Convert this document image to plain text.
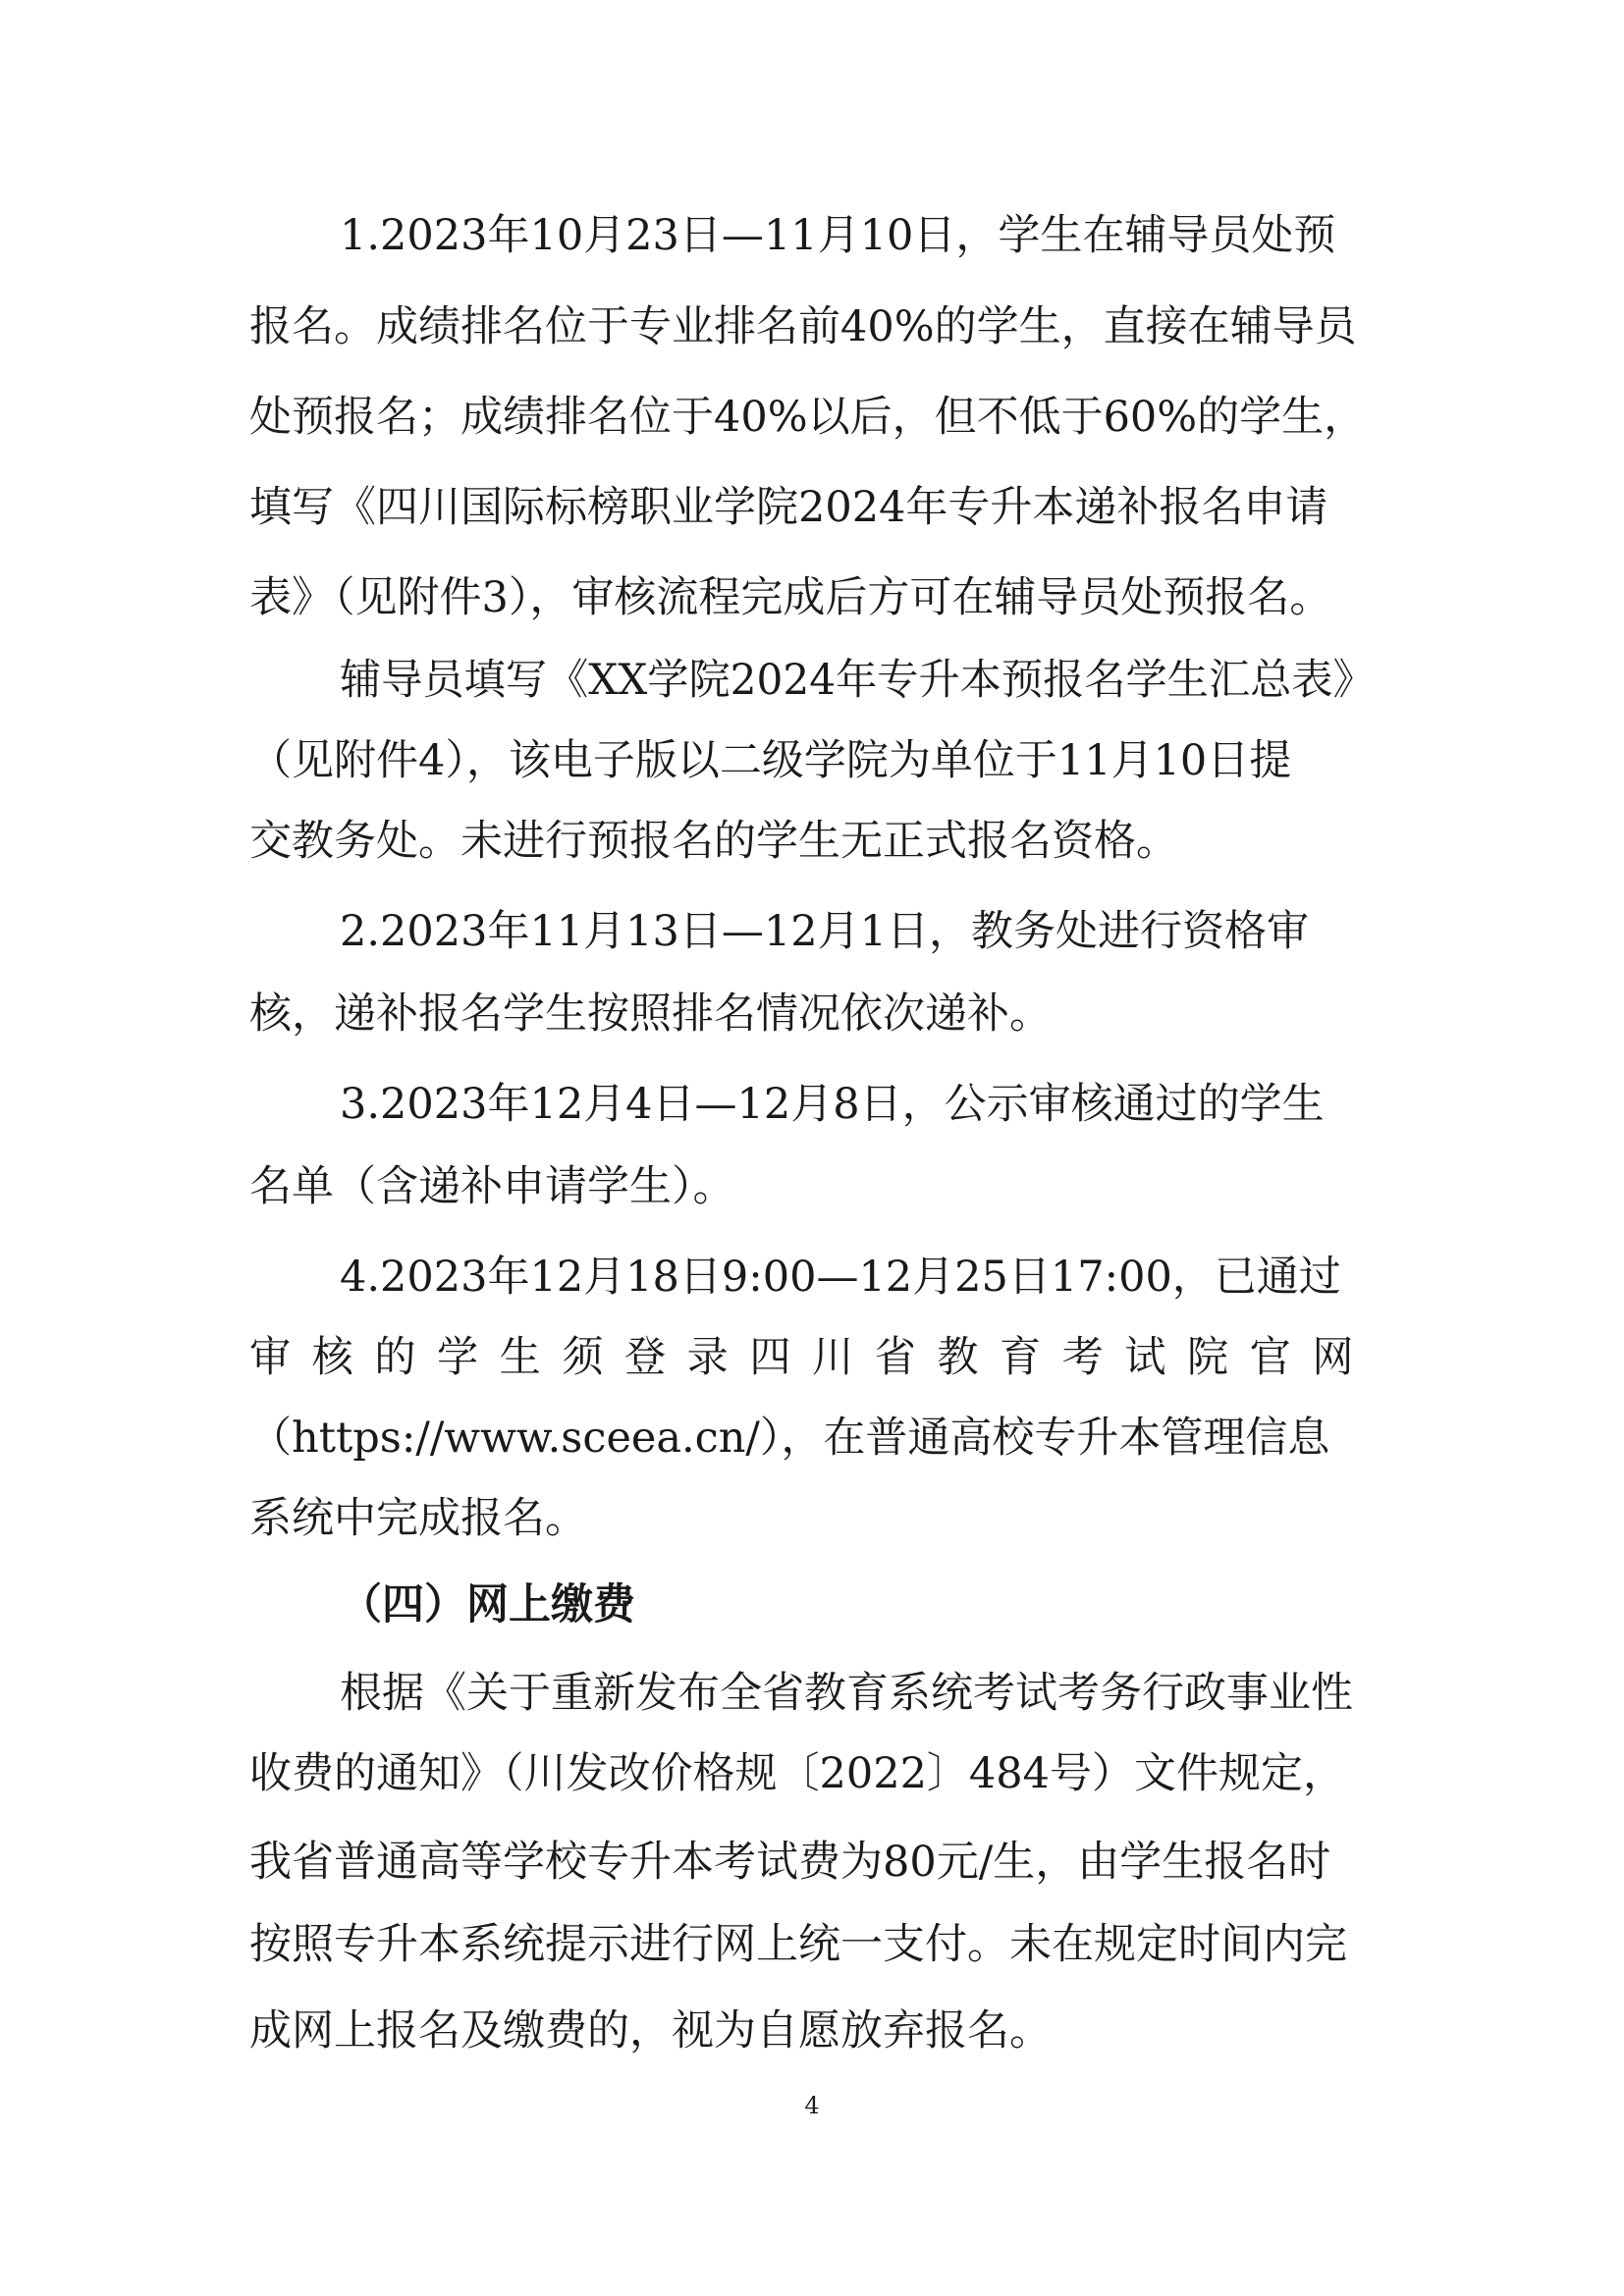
1.2023年10月23日—11月10日，学生在辅导员处预
报名。成绩排名位于专业排名前40%的学生，直接在辅导员
处预报名；成绩排名位于40%以后，但不低于60%的学生，
填写《四川国际标榜职业学院2024年专升本递补报名申请
表》（见附件3），审核流程完成后方可在辅导员处预报名。
辅导员填写《XX学院2024年专升本预报名学生汇总表》
（见附件4），该电子版以二级学院为单位于11月10日提
交教务处。未进行预报名的学生无正式报名资格。
2.2023年11月13日—12月1日，教务处进行资格审
核，递补报名学生按照排名情况依次递补。
3.2023年12月4日—12月8日，公示审核通过的学生
名单（含递补申请学生）。
4.2023年12月18日9:00—12月25日17:00，已通过
审核的学生须登录四川省教育考试院官网
（https://www.sceea.cn/），在普通高校专升本管理信息
系统中完成报名。
（四）网上缴费
根据《关于重新发布全省教育系统考试考务行政事业性
收费的通知》（川发改价格规〔2022〕484号）文件规定，
我省普通高等学校专升本考试费为80元/生，由学生报名时
按照专升本系统提示进行网上统一支付。未在规定时间内完
成网上报名及缴费的，视为自愿放弃报名。
4
